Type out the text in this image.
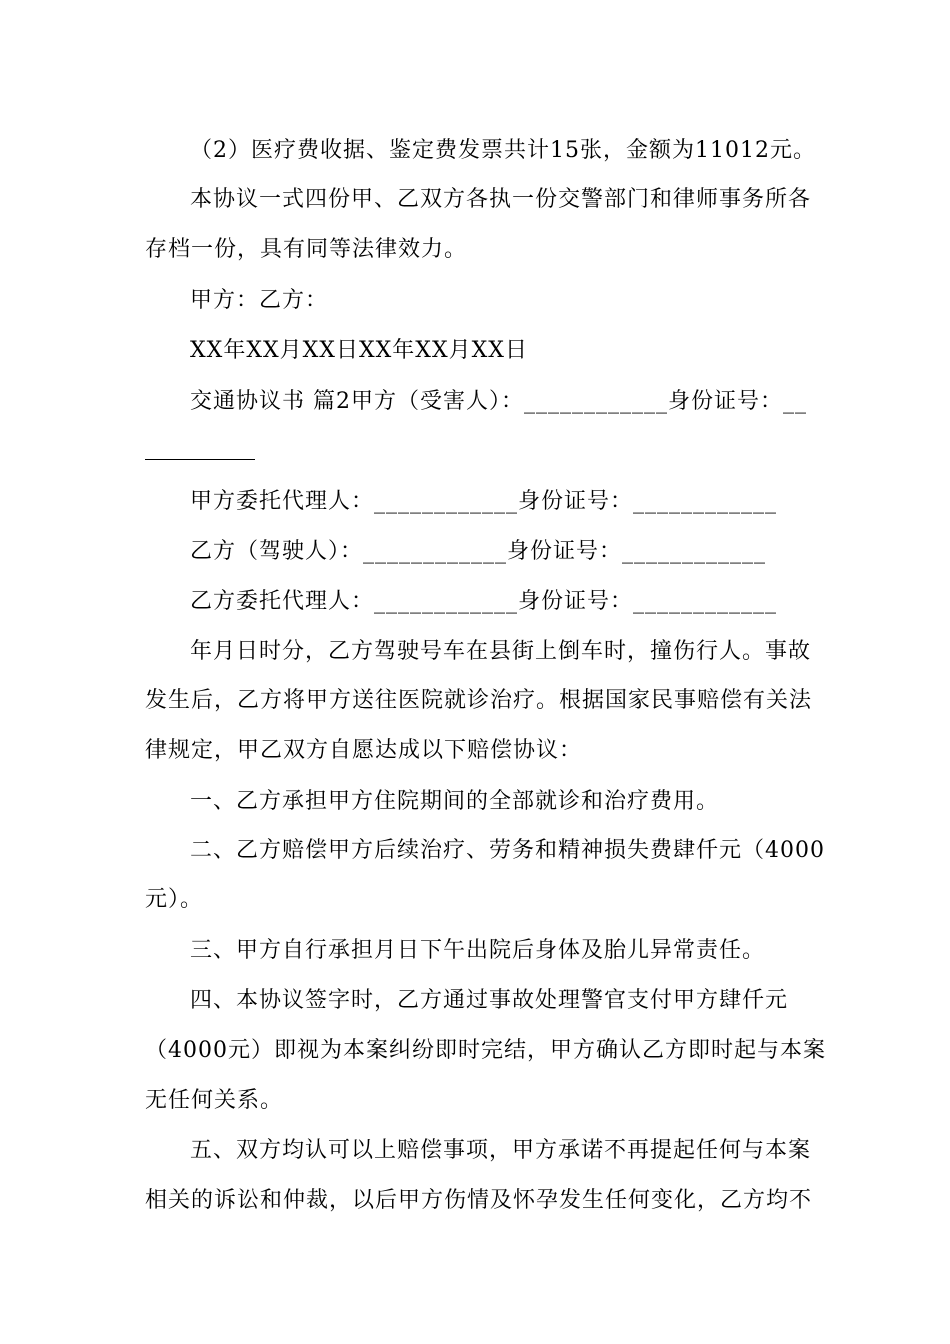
（2）医疗费收据、鉴定费发票共计15张，金额为11012元。
本协议一式四份甲、乙双方各执一份交警部门和律师事务所各
存档一份，具有同等法律效力。
甲方：乙方：
XX年XX月XX日XX年XX月XX日
交通协议书 篇2甲方（受害人）：____________身份证号：__
甲方委托代理人：____________身份证号：____________
乙方（驾驶人）：____________身份证号：____________
乙方委托代理人：____________身份证号：____________
年月日时分，乙方驾驶号车在县街上倒车时，撞伤行人。事故
发生后，乙方将甲方送往医院就诊治疗。根据国家民事赔偿有关法
律规定，甲乙双方自愿达成以下赔偿协议：
一、乙方承担甲方住院期间的全部就诊和治疗费用。
二、乙方赔偿甲方后续治疗、劳务和精神损失费肆仟元（4000
元）。
三、甲方自行承担月日下午出院后身体及胎儿异常责任。
四、本协议签字时，乙方通过事故处理警官支付甲方肆仟元
（4000元）即视为本案纠纷即时完结，甲方确认乙方即时起与本案
无任何关系。
五、双方均认可以上赔偿事项，甲方承诺不再提起任何与本案
相关的诉讼和仲裁，以后甲方伤情及怀孕发生任何变化，乙方均不
